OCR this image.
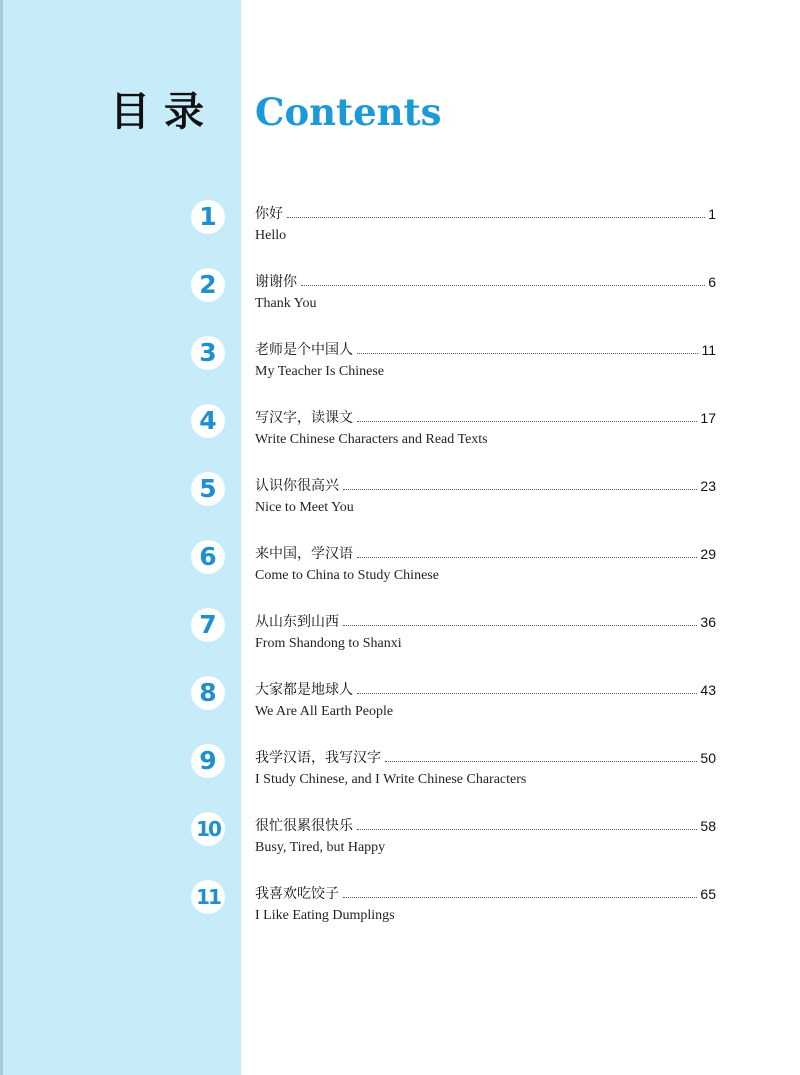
目录 Contents
1	你好	1
Hello
2	谢谢你	6
Thank You
3	老师是个中国人	11
My Teacher Is Chinese
4	写汉字，读课文	17
Write Chinese Characters and Read Texts
5	认识你很高兴	23
Nice to Meet You
6	来中国，学汉语	29
Come to China to Study Chinese
7	从山东到山西	36
From Shandong to Shanxi
8	大家都是地球人	43
We Are All Earth People
9	我学汉语，我写汉字	50
I Study Chinese, and I Write Chinese Characters
10	很忙很累很快乐	58
Busy, Tired, but Happy
11	我喜欢吃饺子	65
I Like Eating Dumplings
